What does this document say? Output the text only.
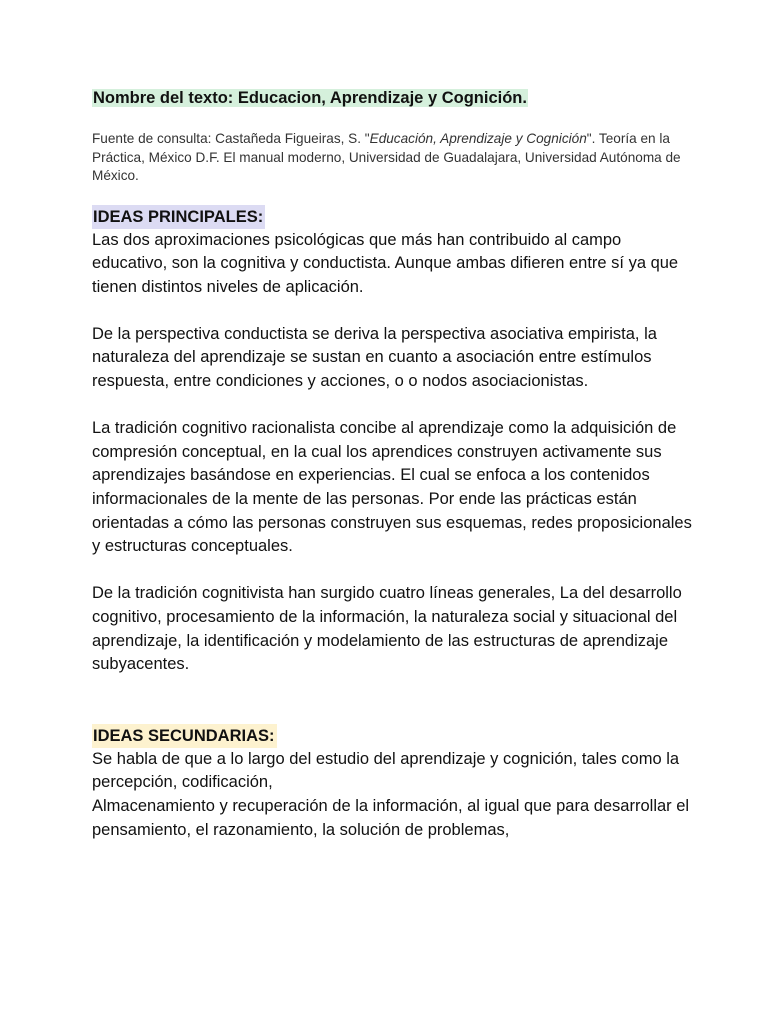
Nombre del texto: Educacion, Aprendizaje y Cognición.

Fuente de consulta: Castañeda Figueiras, S. "Educación, Aprendizaje y Cognición". Teoría en la Práctica, México D.F. El manual moderno, Universidad de Guadalajara, Universidad Autónoma de México.

IDEAS PRINCIPALES:

Las dos aproximaciones psicológicas que más han contribuido al campo educativo, son la cognitiva y conductista. Aunque ambas difieren entre sí ya que tienen distintos niveles de aplicación.

De la perspectiva conductista se deriva la perspectiva asociativa empirista, la naturaleza del aprendizaje se sustan en cuanto a asociación entre estímulos respuesta, entre condiciones y acciones, o o nodos asociacionistas.

La tradición cognitivo racionalista concibe al aprendizaje como la adquisición de compresión conceptual, en la cual los aprendices construyen activamente sus aprendizajes basándose en experiencias. El cual se enfoca a los contenidos informacionales de la mente de las personas. Por ende las prácticas están orientadas a cómo las personas construyen sus esquemas, redes proposicionales y estructuras conceptuales.

De la tradición cognitivista han surgido cuatro líneas generales, La del desarrollo cognitivo, procesamiento de la información, la naturaleza social y situacional del aprendizaje, la identificación y modelamiento de las estructuras de aprendizaje subyacentes.

IDEAS SECUNDARIAS:

Se habla de que a lo largo del estudio del aprendizaje y cognición, tales como la percepción, codificación,

Almacenamiento y recuperación de la información, al igual que para desarrollar el pensamiento, el razonamiento, la solución de problemas,
